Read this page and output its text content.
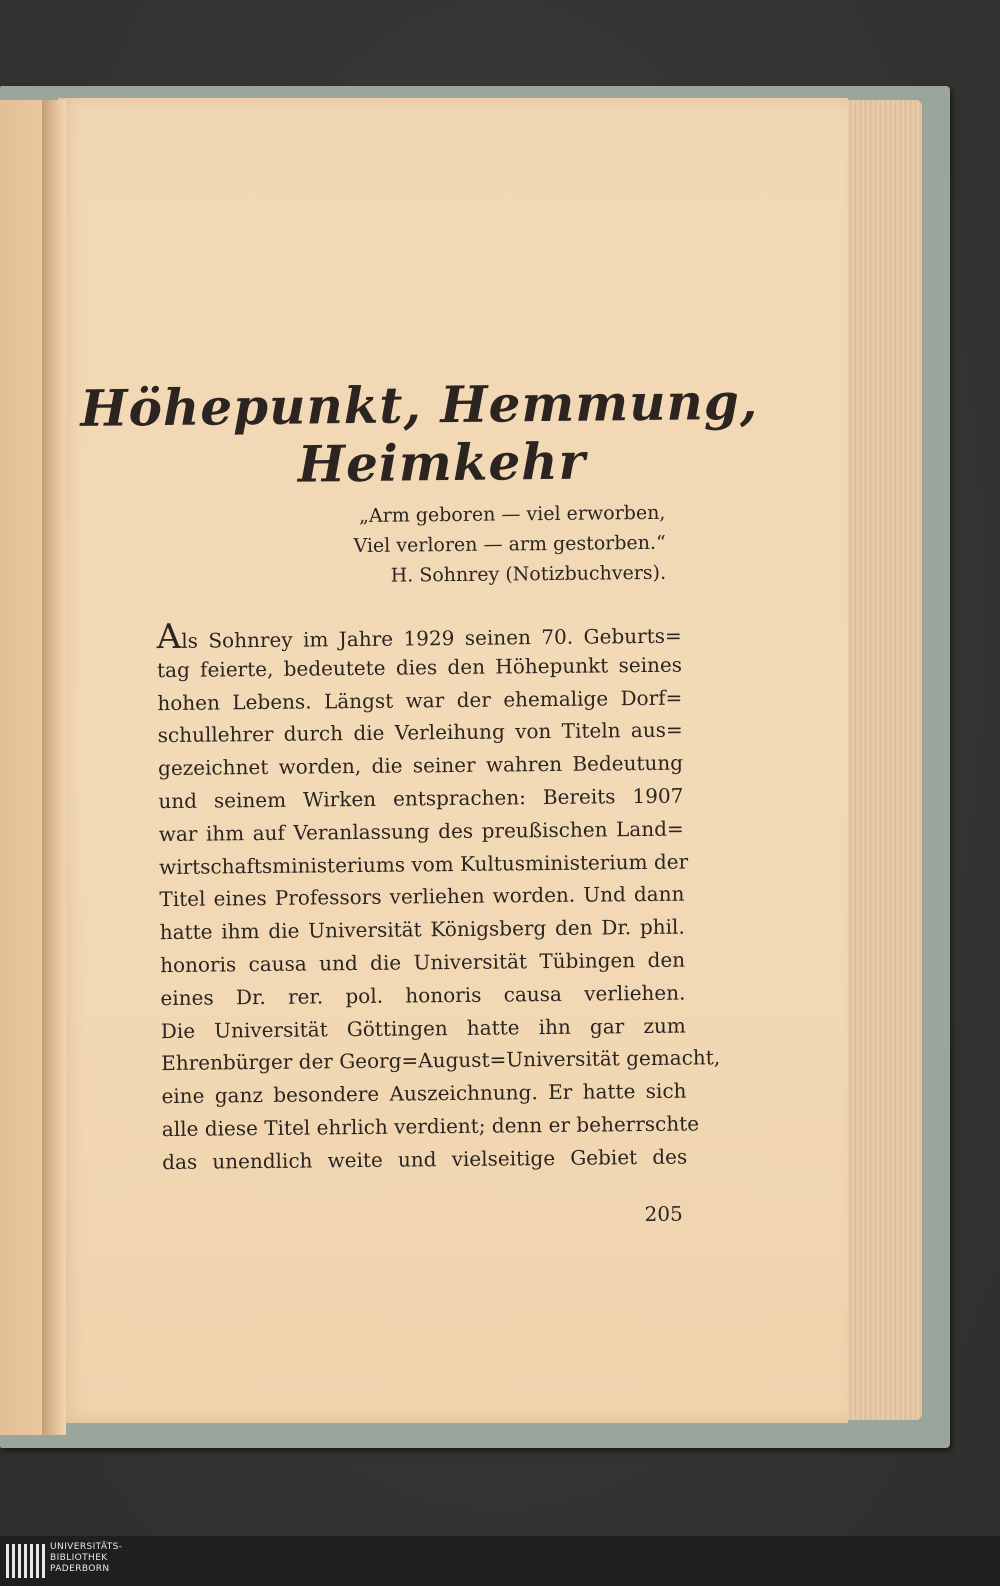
Höhepunkt, Hemmung,
Heimkehr
„Arm geboren — viel erworben,
Viel verloren — arm gestorben.“
H. Sohnrey (Notizbuchvers).
Als Sohnrey im Jahre 1929 seinen 70. Geburts=
tag feierte, bedeutete dies den Höhepunkt seines
hohen Lebens. Längst war der ehemalige Dorf=
schullehrer durch die Verleihung von Titeln aus=
gezeichnet worden, die seiner wahren Bedeutung
und seinem Wirken entsprachen: Bereits 1907
war ihm auf Veranlassung des preußischen Land=
wirtschaftsministeriums vom Kultusministerium der
Titel eines Professors verliehen worden. Und dann
hatte ihm die Universität Königsberg den Dr. phil.
honoris causa und die Universität Tübingen den
eines Dr. rer. pol. honoris causa verliehen.
Die Universität Göttingen hatte ihn gar zum
Ehrenbürger der Georg=August=Universität gemacht,
eine ganz besondere Auszeichnung. Er hatte sich
alle diese Titel ehrlich verdient; denn er beherrschte
das unendlich weite und vielseitige Gebiet des
205
UNIVERSITÄTS-
BIBLIOTHEK
PADERBORN
